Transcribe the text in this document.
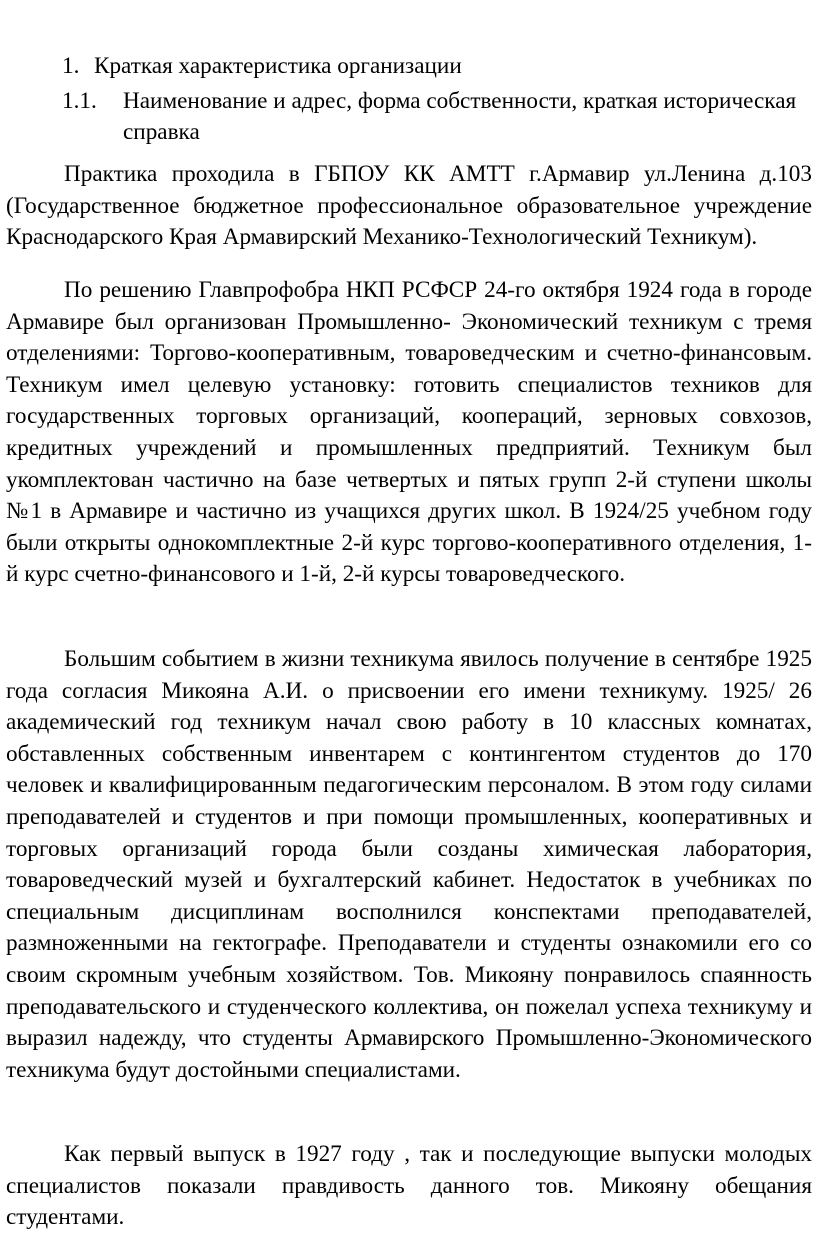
1. Краткая характеристика организации
1.1. Наименование и адрес, форма собственности, краткая историческая
справка

Практика проходила в ГБПОУ КК АМТТ г.Армавир ул.Ленина д.103 (Государственное бюджетное профессиональное образовательное учреждение Краснодарского Края Армавирский Механико-Технологический Техникум).

По решению Главпрофобра НКП РСФСР 24-го октября 1924 года в городе Армавире был организован Промышленно- Экономический техникум с тремя отделениями: Торгово-кооперативным, товароведческим и счетно-финансовым. Техникум имел целевую установку: готовить специалистов техников для государственных торговых организаций, коопераций, зерновых совхозов, кредитных учреждений и промышленных предприятий. Техникум был укомплектован частично на базе четвертых и пятых групп 2-й ступени школы №1 в Армавире и частично из учащихся других школ. В 1924/25 учебном году были открыты однокомплектные 2-й курс торгово-кооперативного отделения, 1-й курс счетно-финансового и 1-й, 2-й курсы товароведческого.

Большим событием в жизни техникума явилось получение в сентябре 1925 года согласия Микояна А.И. о присвоении его имени техникуму. 1925/ 26 академический год техникум начал свою работу в 10 классных комнатах, обставленных собственным инвентарем с контингентом студентов до 170 человек и квалифицированным педагогическим персоналом. В этом году силами преподавателей и студентов и при помощи промышленных, кооперативных и торговых организаций города были созданы химическая лаборатория, товароведческий музей и бухгалтерский кабинет. Недостаток в учебниках по специальным дисциплинам восполнился конспектами преподавателей, размноженными на гектографе. Преподаватели и студенты ознакомили его со своим скромным учебным хозяйством. Тов. Микояну понравилось спаянность преподавательского и студенческого коллектива, он пожелал успеха техникуму и выразил надежду, что студенты Армавирского Промышленно-Экономического техникума будут достойными специалистами.

Как первый выпуск в 1927 году , так и последующие выпуски молодых специалистов показали правдивость данного тов. Микояну обещания студентами.
